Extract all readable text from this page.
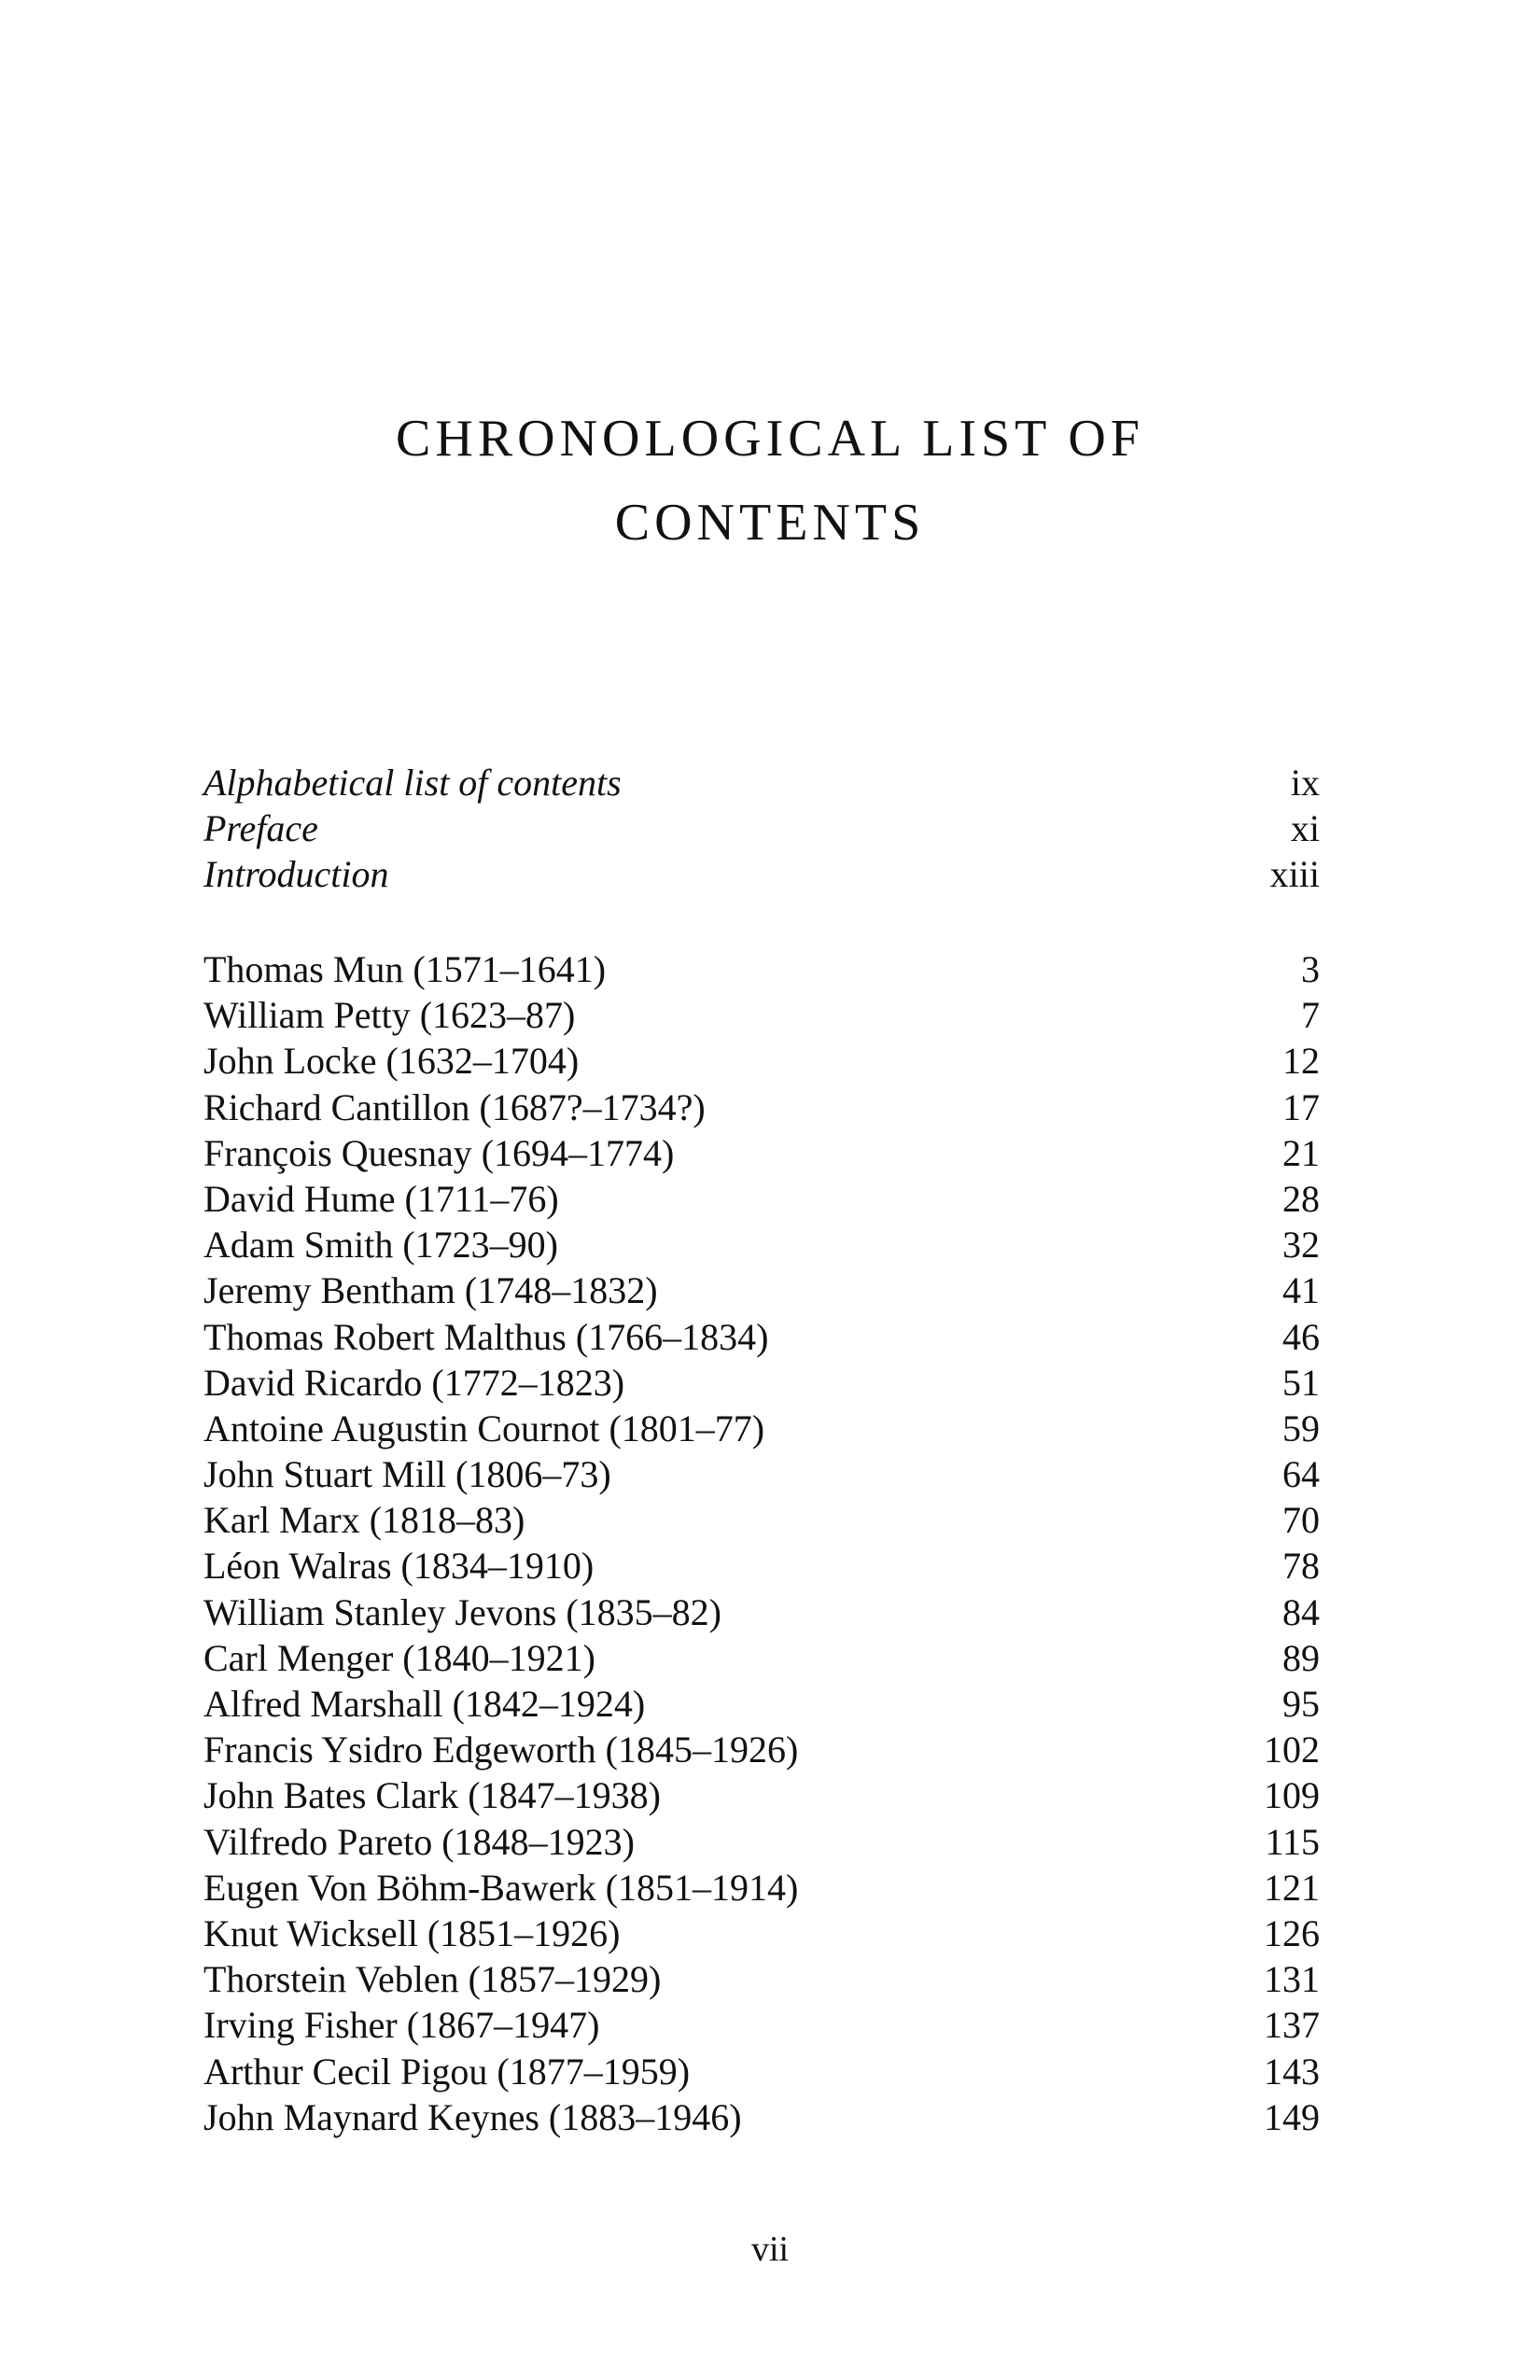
CHRONOLOGICAL LIST OF
CONTENTS
Alphabetical list of contents	ix
Preface	xi
Introduction	xiii
Thomas Mun (1571–1641)	3
William Petty (1623–87)	7
John Locke (1632–1704)	12
Richard Cantillon (1687?–1734?)	17
François Quesnay (1694–1774)	21
David Hume (1711–76)	28
Adam Smith (1723–90)	32
Jeremy Bentham (1748–1832)	41
Thomas Robert Malthus (1766–1834)	46
David Ricardo (1772–1823)	51
Antoine Augustin Cournot (1801–77)	59
John Stuart Mill (1806–73)	64
Karl Marx (1818–83)	70
Léon Walras (1834–1910)	78
William Stanley Jevons (1835–82)	84
Carl Menger (1840–1921)	89
Alfred Marshall (1842–1924)	95
Francis Ysidro Edgeworth (1845–1926)	102
John Bates Clark (1847–1938)	109
Vilfredo Pareto (1848–1923)	115
Eugen Von Böhm-Bawerk (1851–1914)	121
Knut Wicksell (1851–1926)	126
Thorstein Veblen (1857–1929)	131
Irving Fisher (1867–1947)	137
Arthur Cecil Pigou (1877–1959)	143
John Maynard Keynes (1883–1946)	149
vii
